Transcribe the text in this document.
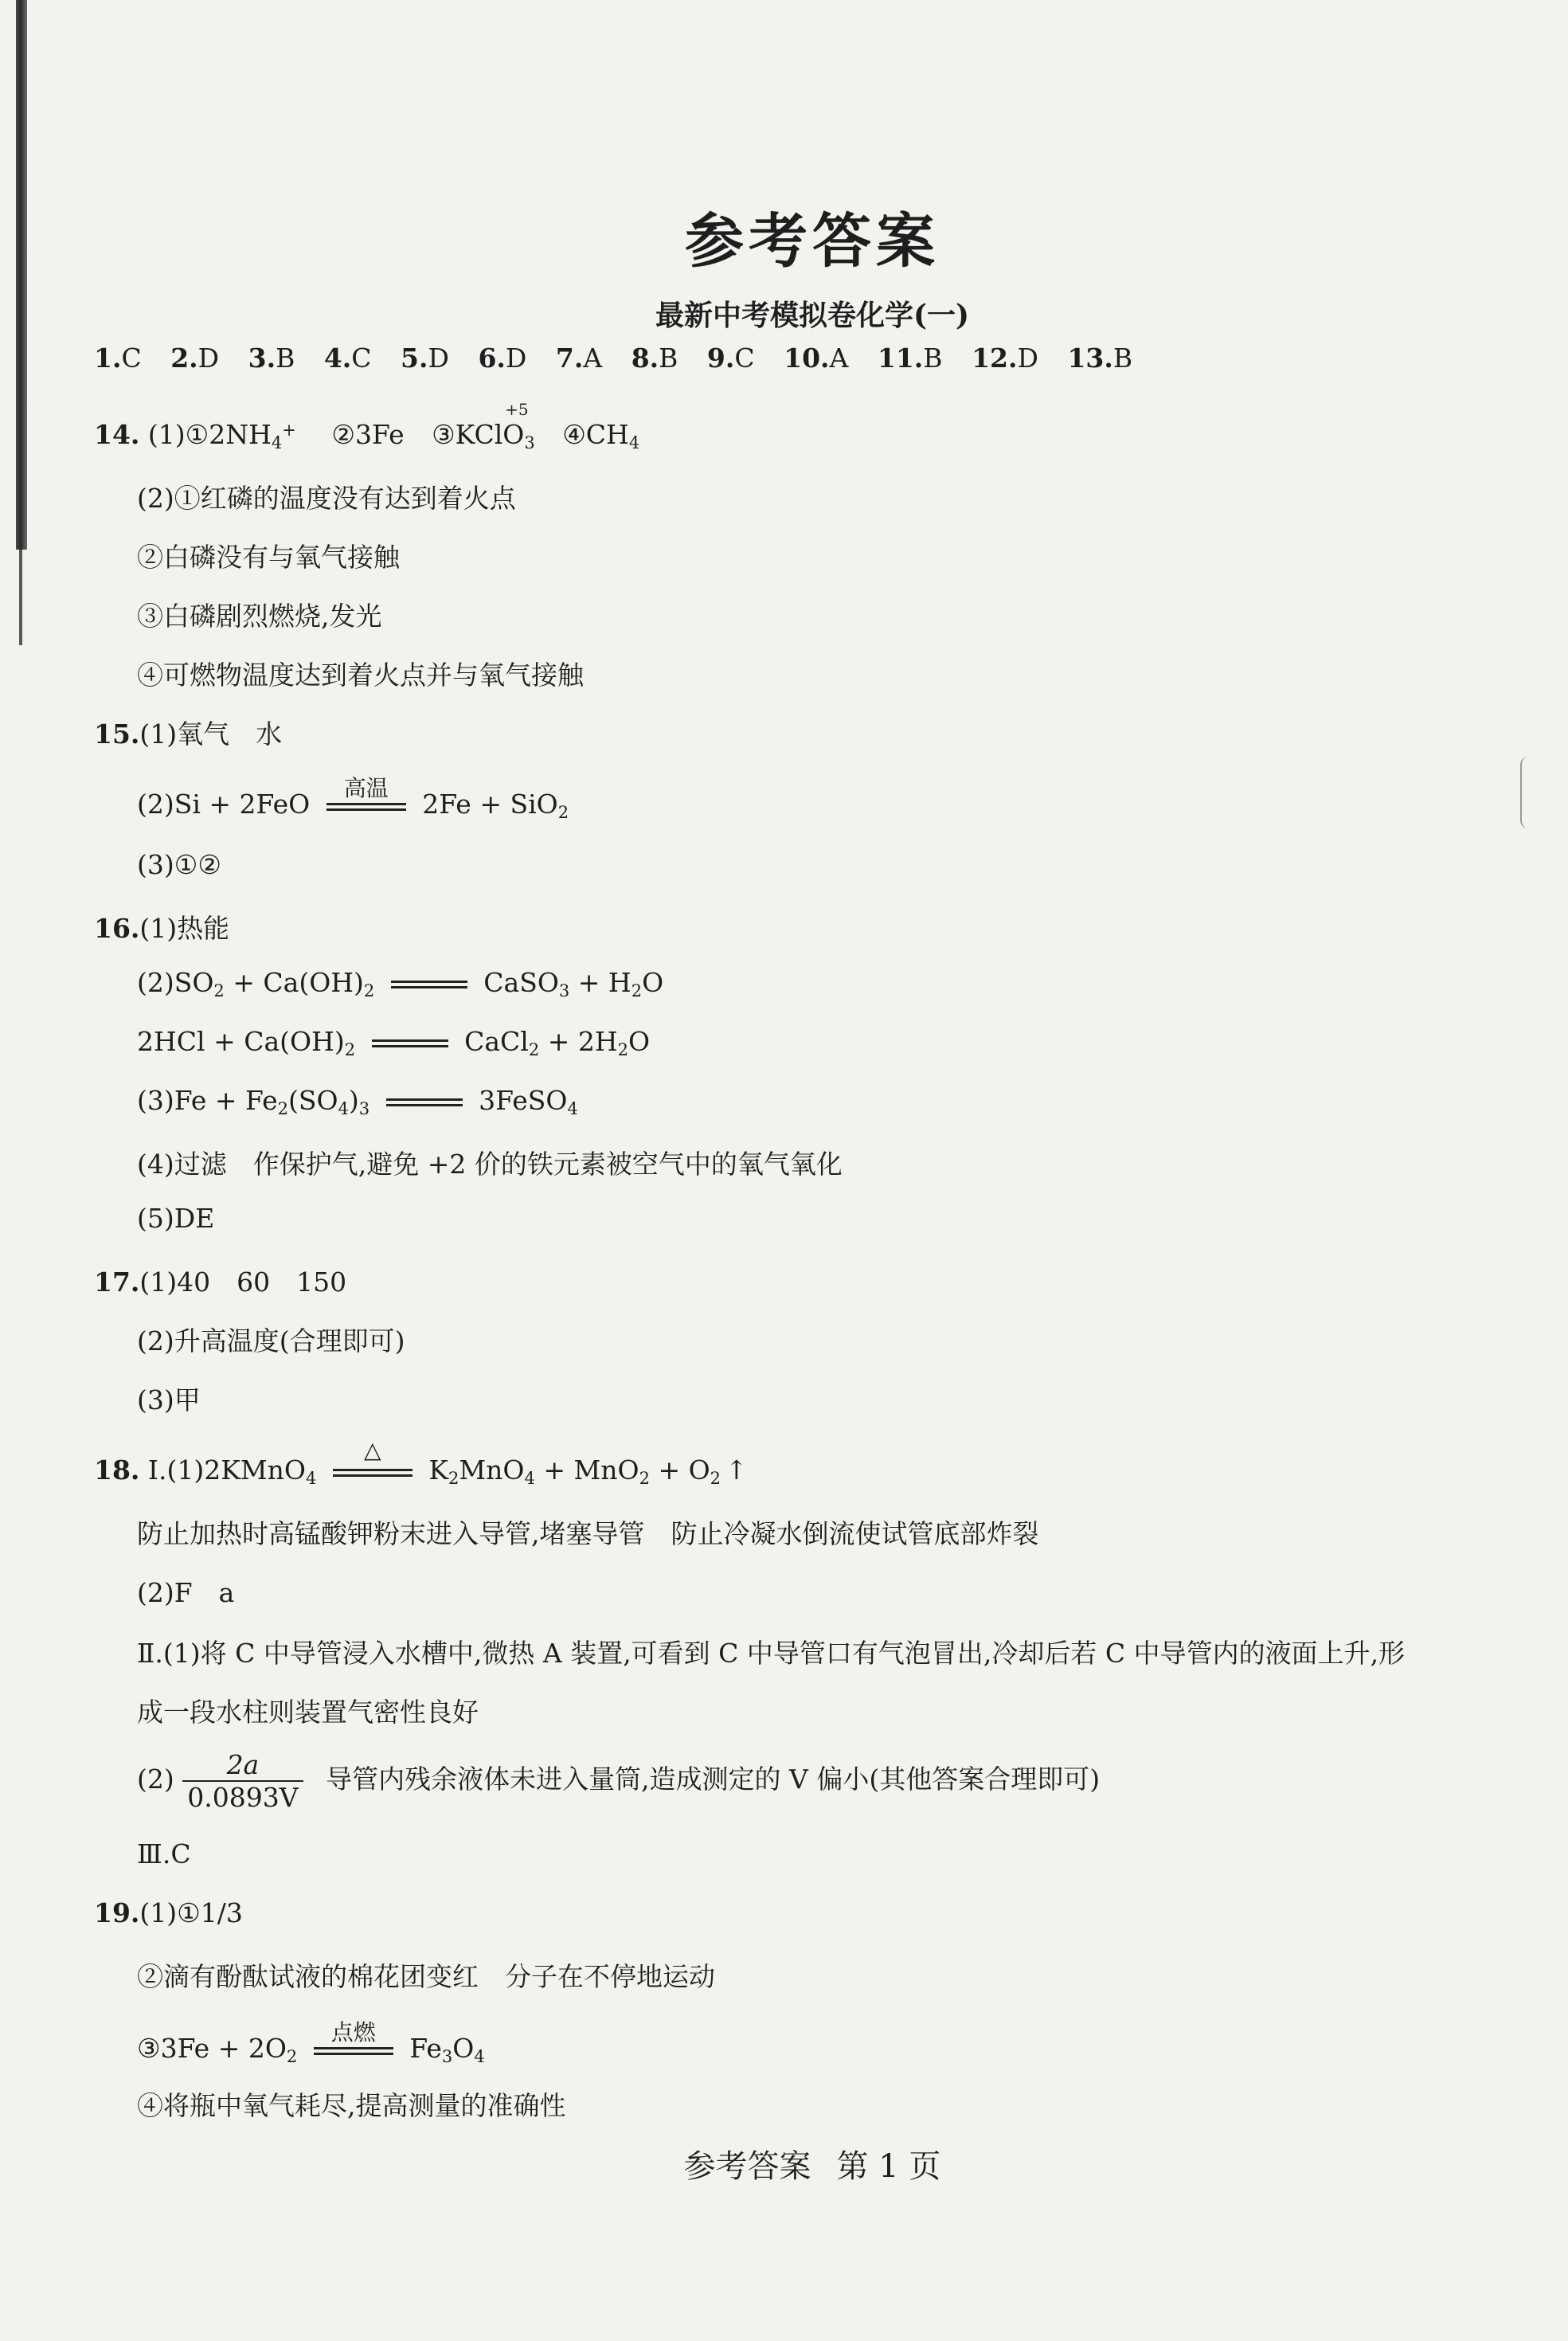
参考答案
最新中考模拟卷化学(一)
1.C 2.D 3.B 4.C 5.D 6.D 7.A 8.B 9.C 10.A 11.B 12.D 13.B
14. $(1)①2NH_4^+$ ②3Fe
+5
③KClO$_3$ $④CH_4$
(2)①红磷的温度没有达到着火点
②白磷没有与氧气接触
③白磷剧烈燃烧,发光
④可燃物温度达到着火点并与氧气接触
15.(1)氧气　水
(2)Si + 2FeO
高温
2Fe + SiO$_2$
(3)①②
16.(1)热能
$(2)SO_2 + Ca(OH)_2$	CaSO$_3$ + $H_2O$
$2HCl + Ca(OH)_2$	CaCl$_2$ + $2H_2O$
$(3)Fe + Fe_2(SO_4)_3$	3FeSO$_4$
(4)过滤　作保护气,避免 +2 价的铁元素被空气中的氧气氧化
(5)DE
17.(1)40　60　150
(2)升高温度(合理即可)
(3)甲
18. Ⅰ.(1)2KMnO$_4$
△
$K_2MnO_4 + MnO_2 + O_2$ ↑
防止加热时高锰酸钾粉末进入导管,堵塞导管　防止冷凝水倒流使试管底部炸裂
(2)F　a
Ⅱ.(1)将 C 中导管浸入水槽中,微热 A 装置,可看到 C 中导管口有气泡冒出,冷却后若 C 中导管内的液面上升,形
成一段水柱则装置气密性良好
$(2) \frac{2a}{0.0893V}$ 导管内残余液体未进入量筒,造成测定的 V 偏小(其他答案合理即可)
Ⅲ.C
19.(1)①1/3
②滴有酚酞试液的棉花团变红　分子在不停地运动
③3Fe + $2O_2$
点燃
$Fe_3O_4$
④将瓶中氧气耗尽,提高测量的准确性
参考答案 第 1 页
